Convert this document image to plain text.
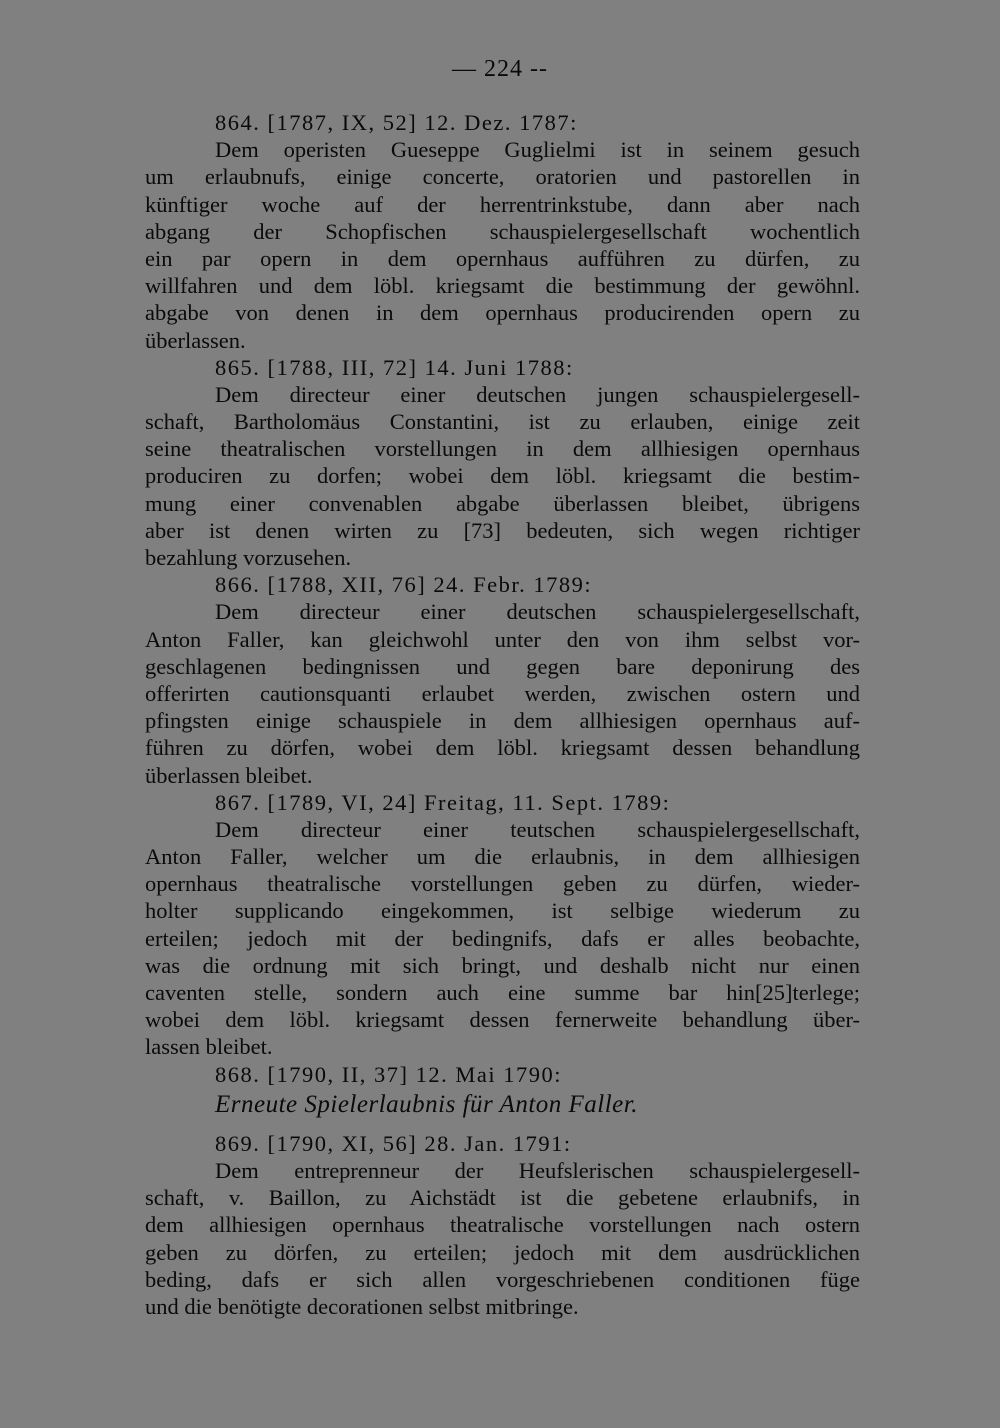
— 224 --
864. [1787, IX, 52] 12. Dez. 1787:
Dem operisten Gueseppe Guglielmi ist in seinem gesuch
um erlaubnufs, einige concerte, oratorien und pastorellen in
künftiger woche auf der herrentrinkstube, dann aber nach
abgang der Schopfischen schauspielergesellschaft wochentlich
ein par opern in dem opernhaus aufführen zu dürfen, zu
willfahren und dem löbl. kriegsamt die bestimmung der gewöhnl.
abgabe von denen in dem opernhaus producirenden opern zu
überlassen.
865. [1788, III, 72] 14. Juni 1788:
Dem directeur einer deutschen jungen schauspielergesell-
schaft, Bartholomäus Constantini, ist zu erlauben, einige zeit
seine theatralischen vorstellungen in dem allhiesigen opernhaus
produciren zu dorfen; wobei dem löbl. kriegsamt die bestim-
mung einer convenablen abgabe überlassen bleibet, übrigens
aber ist denen wirten zu [73] bedeuten, sich wegen richtiger
bezahlung vorzusehen.
866. [1788, XII, 76] 24. Febr. 1789:
Dem directeur einer deutschen schauspielergesellschaft,
Anton Faller, kan gleichwohl unter den von ihm selbst vor-
geschlagenen bedingnissen und gegen bare deponirung des
offerirten cautionsquanti erlaubet werden, zwischen ostern und
pfingsten einige schauspiele in dem allhiesigen opernhaus auf-
führen zu dörfen, wobei dem löbl. kriegsamt dessen behandlung
überlassen bleibet.
867. [1789, VI, 24] Freitag, 11. Sept. 1789:
Dem directeur einer teutschen schauspielergesellschaft,
Anton Faller, welcher um die erlaubnis, in dem allhiesigen
opernhaus theatralische vorstellungen geben zu dürfen, wieder-
holter supplicando eingekommen, ist selbige wiederum zu
erteilen; jedoch mit der bedingnifs, dafs er alles beobachte,
was die ordnung mit sich bringt, und deshalb nicht nur einen
caventen stelle, sondern auch eine summe bar hin[25]terlege;
wobei dem löbl. kriegsamt dessen fernerweite behandlung über-
lassen bleibet.
868. [1790, II, 37] 12. Mai 1790:
Erneute Spielerlaubnis für Anton Faller.
869. [1790, XI, 56] 28. Jan. 1791:
Dem entreprenneur der Heufslerischen schauspielergesell-
schaft, v. Baillon, zu Aichstädt ist die gebetene erlaubnifs, in
dem allhiesigen opernhaus theatralische vorstellungen nach ostern
geben zu dörfen, zu erteilen; jedoch mit dem ausdrücklichen
beding, dafs er sich allen vorgeschriebenen conditionen füge
und die benötigte decorationen selbst mitbringe.
